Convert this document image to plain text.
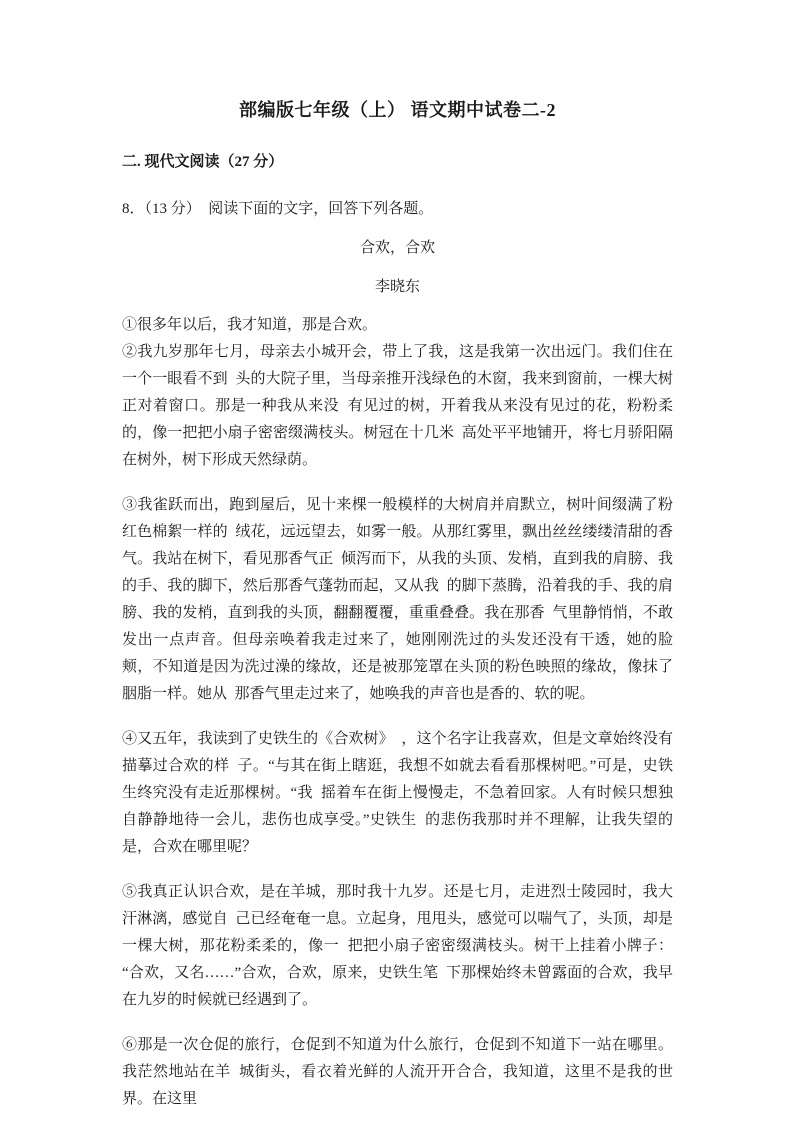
部编版七年级（上） 语文期中试卷二-2
二. 现代文阅读（27 分）

8．（13 分）  阅读下面的文字，回答下列各题。

合欢，合欢

李晓东

①很多年以后，我才知道，那是合欢。

②我九岁那年七月，母亲去小城开会，带上了我，这是我第一次出远门。我们住在一个一眼看不到  头的大院子里，当母亲推开浅绿色的木窗，我来到窗前，一棵大树正对着窗口。那是一种我从来没  有见过的树，开着我从来没有见过的花，粉粉柔的，像一把把小扇子密密缀满枝头。树冠在十几米  高处平平地铺开，将七月骄阳隔在树外，树下形成天然绿荫。

③我雀跃而出，跑到屋后，见十来棵一般模样的大树肩并肩默立，树叶间缀满了粉红色棉絮一样的  绒花，远远望去，如雾一般。从那红雾里，飘出丝丝缕缕清甜的香气。我站在树下，看见那香气正  倾泻而下，从我的头顶、发梢，直到我的肩膀、我的手、我的脚下，然后那香气蓬勃而起，又从我  的脚下蒸腾，沿着我的手、我的肩膀、我的发梢，直到我的头顶，翻翻覆覆，重重叠叠。我在那香  气里静悄悄，不敢发出一点声音。但母亲唤着我走过来了，她刚刚洗过的头发还没有干透，她的脸  颊，不知道是因为洗过澡的缘故，还是被那笼罩在头顶的粉色映照的缘故，像抹了胭脂一样。她从  那香气里走过来了，她唤我的声音也是香的、软的呢。

④又五年，我读到了史铁生的《合欢树》  ，这个名字让我喜欢，但是文章始终没有描摹过合欢的样  子。“与其在街上瞎逛，我想不如就去看看那棵树吧。”可是，史铁生终究没有走近那棵树。“我  摇着车在街上慢慢走，不急着回家。人有时候只想独自静静地待一会儿，悲伤也成享受。”史铁生  的悲伤我那时并不理解，让我失望的是，合欢在哪里呢？

⑤我真正认识合欢，是在羊城，那时我十九岁。还是七月，走进烈士陵园时，我大汗淋漓，感觉自  己已经奄奄一息。立起身，甩甩头，感觉可以喘气了，头顶，却是一棵大树，那花粉柔柔的，像一  把把小扇子密密缀满枝头。树干上挂着小牌子：  “合欢，又名……”合欢，合欢，原来，史铁生笔  下那棵始终未曾露面的合欢，我早在九岁的时候就已经遇到了。

⑥那是一次仓促的旅行，仓促到不知道为什么旅行，仓促到不知道下一站在哪里。我茫然地站在羊  城街头，看衣着光鲜的人流开开合合，我知道，这里不是我的世界。在这里
